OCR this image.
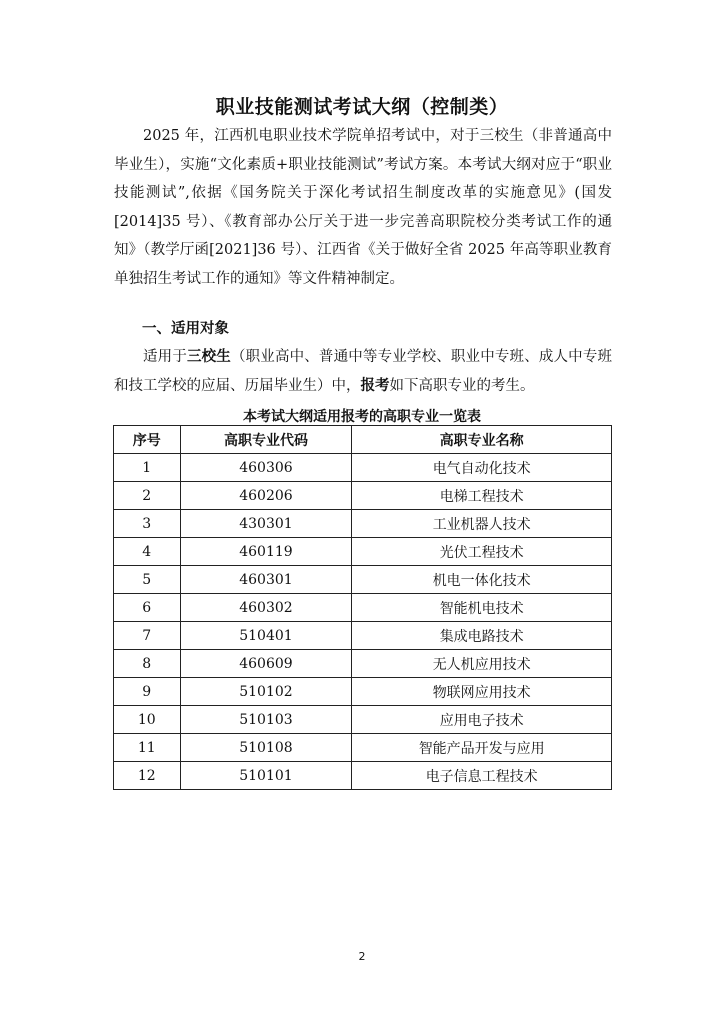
职业技能测试考试大纲（控制类）

2025 年，江西机电职业技术学院单招考试中，对于三校生（非普通高中毕业生），实施“文化素质+职业技能测试”考试方案。本考试大纲对应于“职业技能测试”,依据《国务院关于深化考试招生制度改革的实施意见》(国发[2014]35 号）、《教育部办公厅关于进一步完善高职院校分类考试工作的通知》（教学厅函[2021]36 号）、江西省《关于做好全省 2025 年高等职业教育单独招生考试工作的通知》等文件精神制定。

一、适用对象

适用于三校生（职业高中、普通中等专业学校、职业中专班、成人中专班和技工学校的应届、历届毕业生）中，报考如下高职专业的考生。

本考试大纲适用报考的高职专业一览表
序号	高职专业代码	高职专业名称
1	460306	电气自动化技术
2	460206	电梯工程技术
3	430301	工业机器人技术
4	460119	光伏工程技术
5	460301	机电一体化技术
6	460302	智能机电技术
7	510401	集成电路技术
8	460609	无人机应用技术
9	510102	物联网应用技术
10	510103	应用电子技术
11	510108	智能产品开发与应用
12	510101	电子信息工程技术
2
